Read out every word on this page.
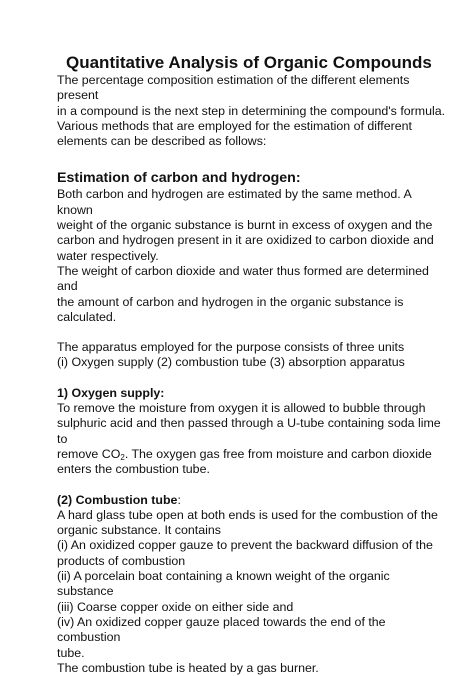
Quantitative Analysis of Organic Compounds
The percentage composition estimation of the different elements present
in a compound is the next step in determining the compound's formula.
Various methods that are employed for the estimation of different
elements can be described as follows:
Estimation of carbon and hydrogen:
Both carbon and hydrogen are estimated by the same method. A known
weight of the organic substance is burnt in excess of oxygen and the
carbon and hydrogen present in it are oxidized to carbon dioxide and
water respectively.
The weight of carbon dioxide and water thus formed are determined and
the amount of carbon and hydrogen in the organic substance is
calculated.
The apparatus employed for the purpose consists of three units
(i) Oxygen supply (2) combustion tube (3) absorption apparatus
1) Oxygen supply:
To remove the moisture from oxygen it is allowed to bubble through
sulphuric acid and then passed through a U-tube containing soda lime to
remove $CO_2$. The oxygen gas free from moisture and carbon dioxide
enters the combustion tube.
(2) Combustion tube:
A hard glass tube open at both ends is used for the combustion of the
organic substance. It contains
(i) An oxidized copper gauze to prevent the backward diffusion of the
products of combustion
(ii) A porcelain boat containing a known weight of the organic substance
(iii) Coarse copper oxide on either side and
(iv) An oxidized copper gauze placed towards the end of the combustion
tube.
The combustion tube is heated by a gas burner.
